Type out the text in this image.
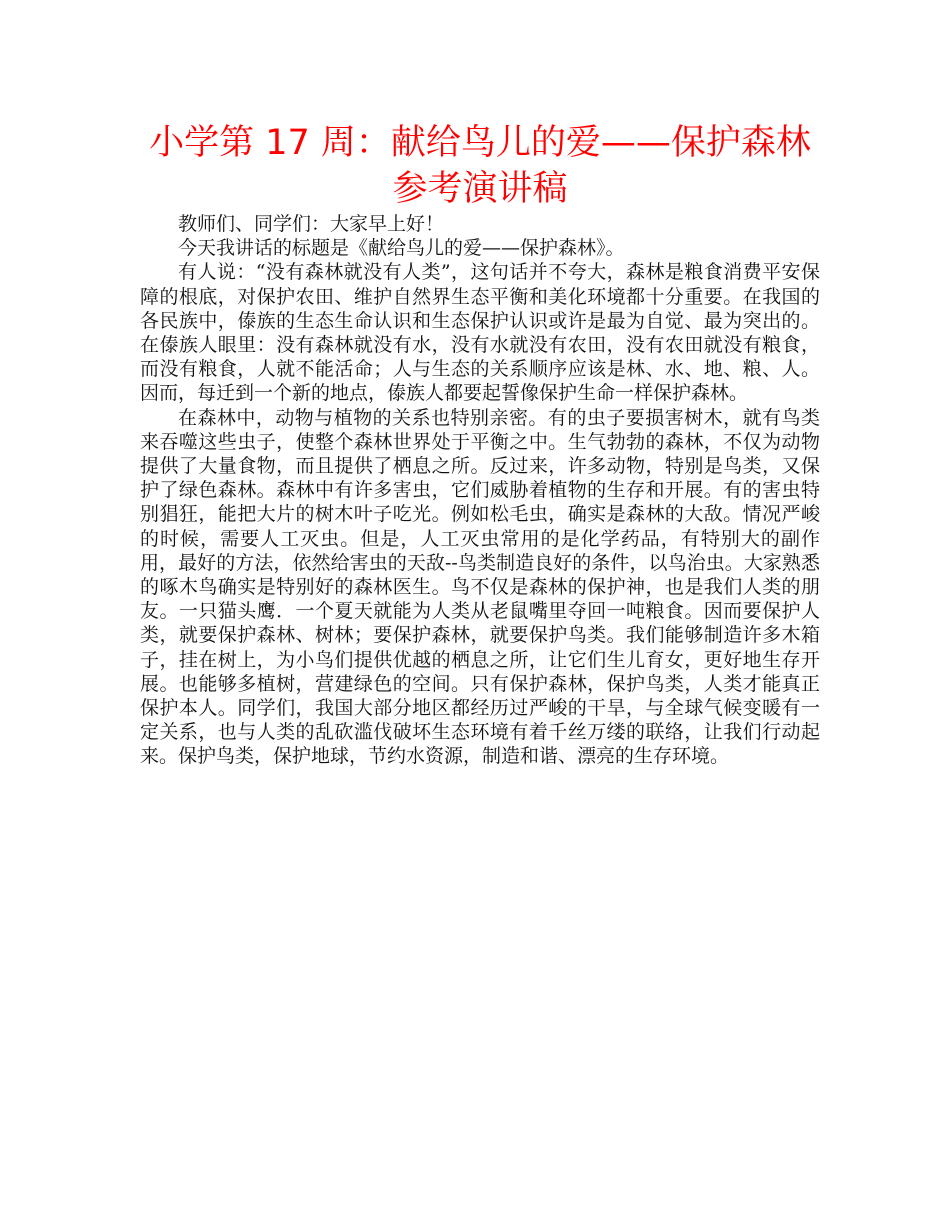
小学第 17 周：献给鸟儿的爱——保护森林
参考演讲稿

教师们、同学们：大家早上好！

今天我讲话的标题是《献给鸟儿的爱——保护森林》。

有人说：“没有森林就没有人类”，这句话并不夸大，森林是粮食消费平安保障的根底，对保护农田、维护自然界生态平衡和美化环境都十分重要。在我国的各民族中，傣族的生态生命认识和生态保护认识或许是最为自觉、最为突出的。在傣族人眼里：没有森林就没有水，没有水就没有农田，没有农田就没有粮食，而没有粮食，人就不能活命；人与生态的关系顺序应该是林、水、地、粮、人。因而，每迁到一个新的地点，傣族人都要起誓像保护生命一样保护森林。

在森林中，动物与植物的关系也特别亲密。有的虫子要损害树木，就有鸟类来吞噬这些虫子，使整个森林世界处于平衡之中。生气勃勃的森林，不仅为动物提供了大量食物，而且提供了栖息之所。反过来，许多动物，特别是鸟类，又保护了绿色森林。森林中有许多害虫，它们威胁着植物的生存和开展。有的害虫特别猖狂，能把大片的树木叶子吃光。例如松毛虫，确实是森林的大敌。情况严峻的时候，需要人工灭虫。但是，人工灭虫常用的是化学药品，有特别大的副作用，最好的方法，依然给害虫的天敌--鸟类制造良好的条件，以鸟治虫。大家熟悉的啄木鸟确实是特别好的森林医生。鸟不仅是森林的保护神，也是我们人类的朋友。一只猫头鹰．一个夏天就能为人类从老鼠嘴里夺回一吨粮食。因而要保护人类，就要保护森林、树林；要保护森林，就要保护鸟类。我们能够制造许多木箱子，挂在树上，为小鸟们提供优越的栖息之所，让它们生儿育女，更好地生存开展。也能够多植树，营建绿色的空间。只有保护森林，保护鸟类，人类才能真正保护本人。同学们，我国大部分地区都经历过严峻的干旱，与全球气候变暖有一定关系，也与人类的乱砍滥伐破坏生态环境有着千丝万缕的联络，让我们行动起来。保护鸟类，保护地球，节约水资源，制造和谐、漂亮的生存环境。
